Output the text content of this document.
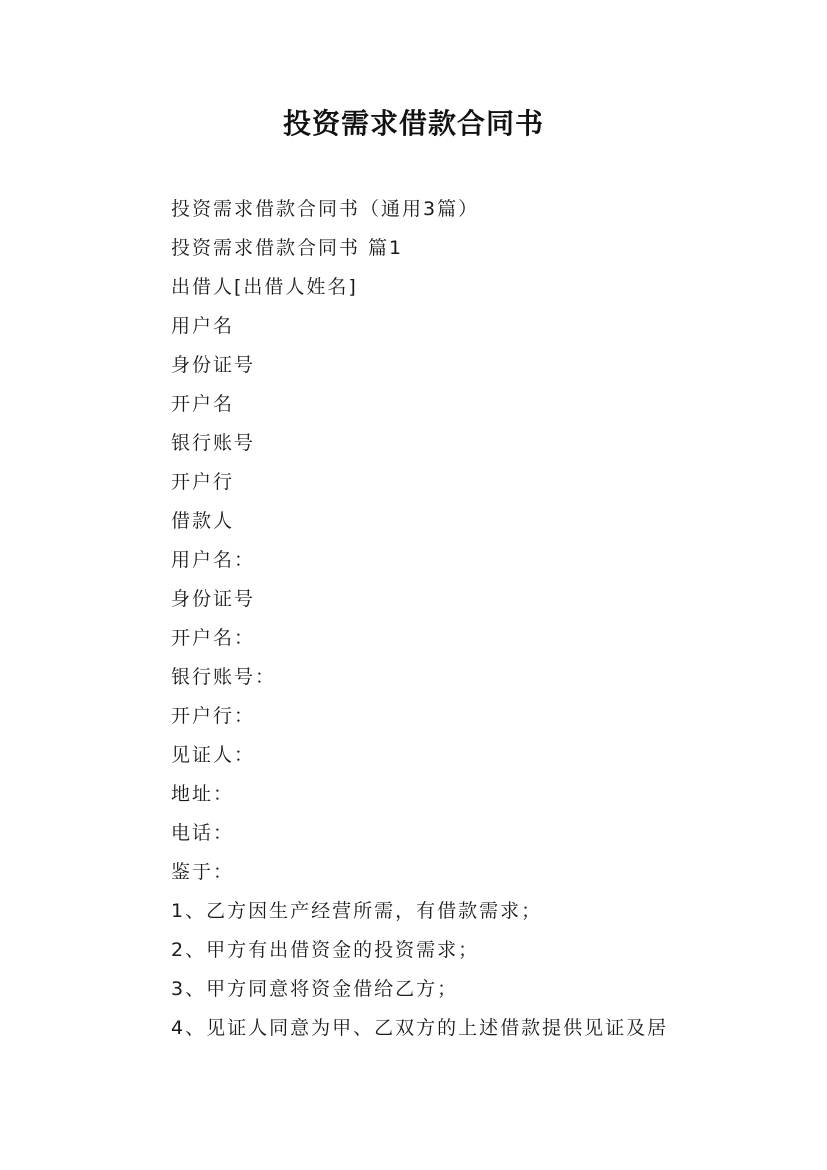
投资需求借款合同书
投资需求借款合同书（通用3篇）
投资需求借款合同书 篇1
出借人[出借人姓名]
用户名
身份证号
开户名
银行账号
开户行
借款人
用户名：
身份证号
开户名：
银行账号：
开户行：
见证人：
地址：
电话：
鉴于：
1、乙方因生产经营所需，有借款需求；
2、甲方有出借资金的投资需求；
3、甲方同意将资金借给乙方；
4、见证人同意为甲、乙双方的上述借款提供见证及居
